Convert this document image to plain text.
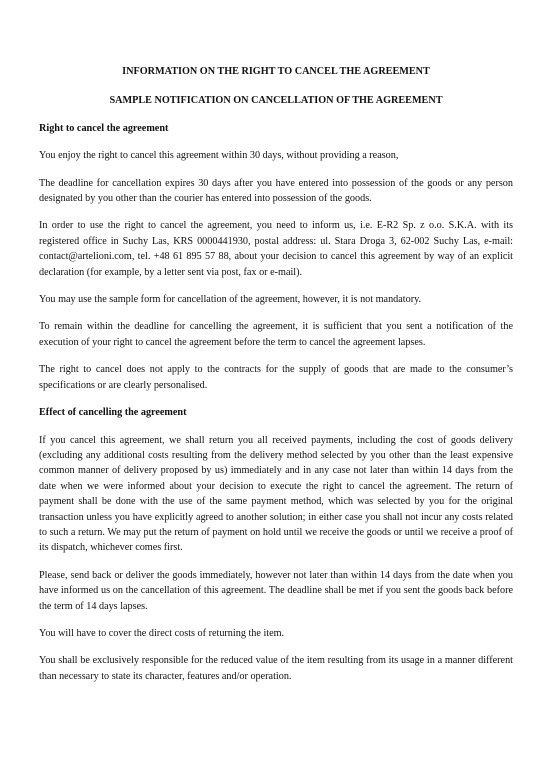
INFORMATION ON THE RIGHT TO CANCEL THE AGREEMENT
SAMPLE NOTIFICATION ON CANCELLATION OF THE AGREEMENT
Right to cancel the agreement

You enjoy the right to cancel this agreement within 30 days, without providing a reason,

The deadline for cancellation expires 30 days after you have entered into possession of the goods or any person designated by you other than the courier has entered into possession of the goods.

In order to use the right to cancel the agreement, you need to inform us, i.e. E-R2 Sp. z o.o. S.K.A. with its registered office in Suchy Las, KRS 0000441930, postal address: ul. Stara Droga 3, 62-002 Suchy Las, e-mail: contact@artelioni.com, tel. +48 61 895 57 88, about your decision to cancel this agreement by way of an explicit declaration (for example, by a letter sent via post, fax or e-mail).

You may use the sample form for cancellation of the agreement, however, it is not mandatory.

To remain within the deadline for cancelling the agreement, it is sufficient that you sent a notification of the execution of your right to cancel the agreement before the term to cancel the agreement lapses.

The right to cancel does not apply to the contracts for the supply of goods that are made to the consumer’s specifications or are clearly personalised.

Effect of cancelling the agreement

If you cancel this agreement, we shall return you all received payments, including the cost of goods delivery (excluding any additional costs resulting from the delivery method selected by you other than the least expensive common manner of delivery proposed by us) immediately and in any case not later than within 14 days from the date when we were informed about your decision to execute the right to cancel the agreement. The return of payment shall be done with the use of the same payment method, which was selected by you for the original transaction unless you have explicitly agreed to another solution; in either case you shall not incur any costs related to such a return. We may put the return of payment on hold until we receive the goods or until we receive a proof of its dispatch, whichever comes first.

Please, send back or deliver the goods immediately, however not later than within 14 days from the date when you have informed us on the cancellation of this agreement. The deadline shall be met if you sent the goods back before the term of 14 days lapses.

You will have to cover the direct costs of returning the item.

You shall be exclusively responsible for the reduced value of the item resulting from its usage in a manner different than necessary to state its character, features and/or operation.
